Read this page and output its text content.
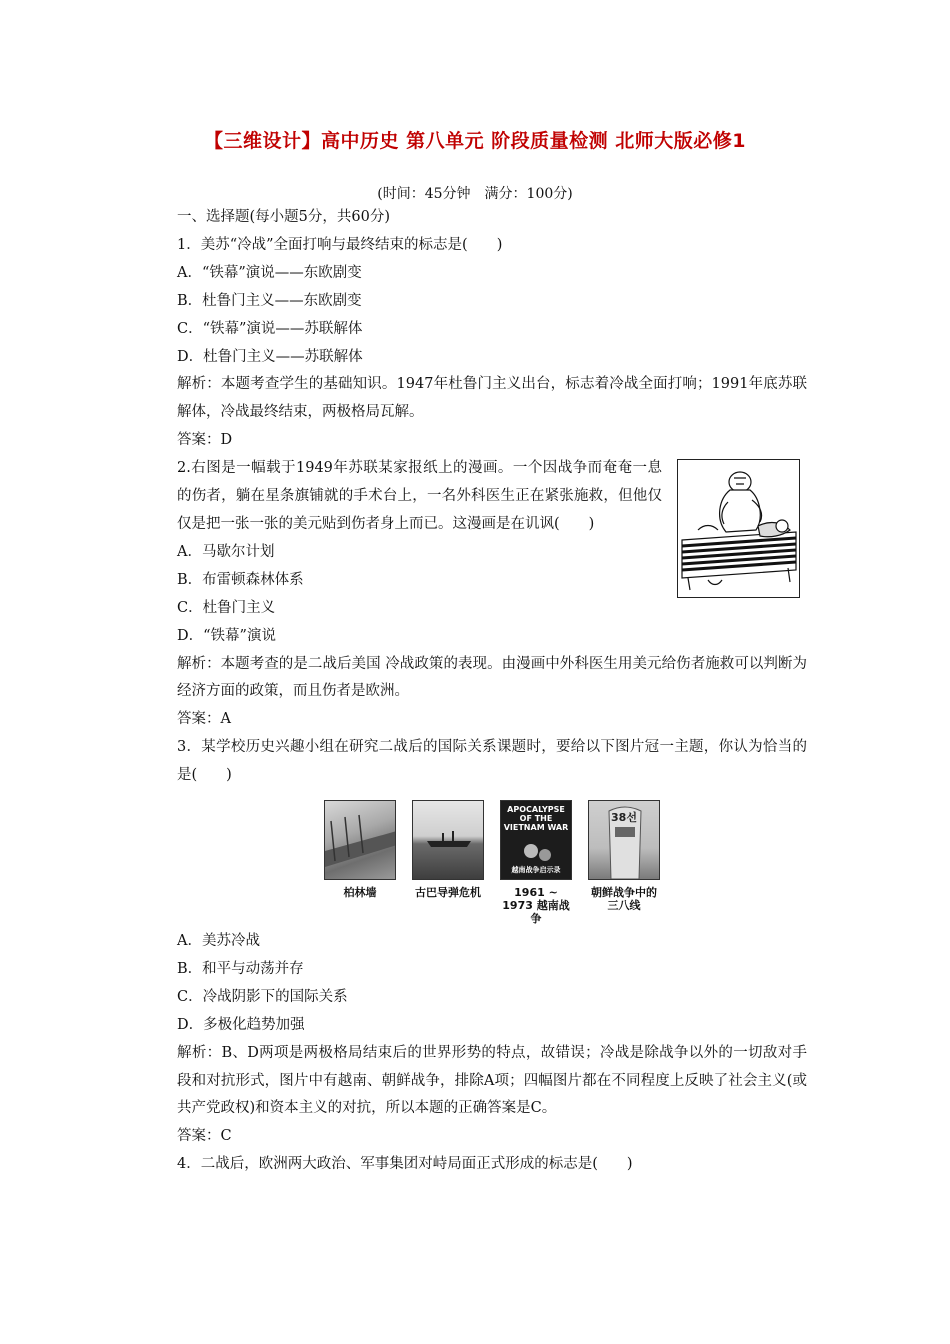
【三维设计】高中历史 第八单元 阶段质量检测 北师大版必修1
(时间：45分钟　满分：100分)
一、选择题(每小题5分，共60分)
1．美苏“冷战”全面打响与最终结束的标志是(　　)
A．“铁幕”演说——东欧剧变
B．杜鲁门主义——东欧剧变
C．“铁幕”演说——苏联解体
D．杜鲁门主义——苏联解体
解析：本题考查学生的基础知识。1947年杜鲁门主义出台，标志着冷战全面打响；1991年底苏联解体，冷战最终结束，两极格局瓦解。
答案：D
2.右图是一幅载于1949年苏联某家报纸上的漫画。一个因战争而奄奄一息的伤者，躺在星条旗铺就的手术台上，一名外科医生正在紧张施救，但他仅仅是把一张一张的美元贴到伤者身上而已。这漫画是在讥讽(　　)
A．马歇尔计划
B．布雷顿森林体系
C．杜鲁门主义
D．“铁幕”演说
解析：本题考查的是二战后美国 冷战政策的表现。由漫画中外科医生用美元给伤者施救可以判断为经济方面的政策，而且伤者是欧洲。
答案：A
3．某学校历史兴趣小组在研究二战后的国际关系课题时，要给以下图片冠一主题，你认为恰当的是(　　)
柏林墙	古巴导弹危机
APOCALYPSE OF THE VIETNAM WAR
越南战争启示录
1961 ~ 1973 越南战争
38선
朝鲜战争中的三八线
A．美苏冷战
B．和平与动荡并存
C．冷战阴影下的国际关系
D．多极化趋势加强
解析：B、D两项是两极格局结束后的世界形势的特点，故错误；冷战是除战争以外的一切敌对手段和对抗形式，图片中有越南、朝鲜战争，排除A项；四幅图片都在不同程度上反映了社会主义(或共产党政权)和资本主义的对抗，所以本题的正确答案是C。
答案：C
4．二战后，欧洲两大政治、军事集团对峙局面正式形成的标志是(　　)
